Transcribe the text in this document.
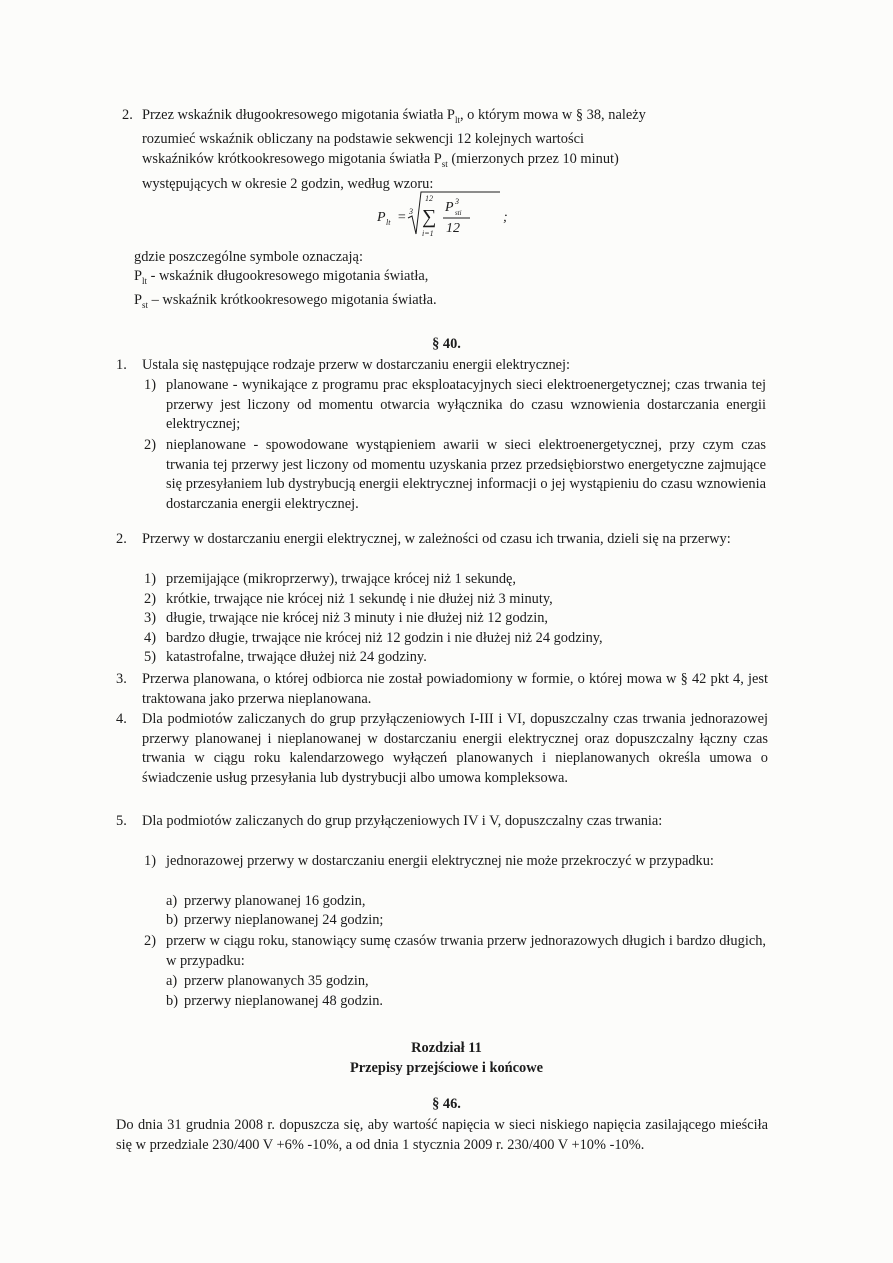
2. Przez wskaźnik długookresowego migotania światła $P_{lt}$, o którym mowa w § 38, należy

rozumieć wskaźnik obliczany na podstawie sekwencji 12 kolejnych wartości

wskaźników krótkookresowego migotania światła $P_{st}$ (mierzonych przez 10 minut)

występujących w okresie 2 godzin, według wzoru:

P lt = 3
12
∑
i=1
P 3
sti
12
;

gdzie poszczególne symbole oznaczają:

$P_{lt}$ - wskaźnik długookresowego migotania światła,

$P_{st}$ – wskaźnik krótkookresowego migotania światła.

§ 40.
1. Ustala się następujące rodzaje przerw w dostarczaniu energii elektrycznej:

1) planowane - wynikające z programu prac eksploatacyjnych sieci elektroenergetycznej; czas trwania tej przerwy jest liczony od momentu otwarcia wyłącznika do czasu wznowienia dostarczania energii elektrycznej;

2) nieplanowane - spowodowane wystąpieniem awarii w sieci elektroenergetycznej, przy czym czas trwania tej przerwy jest liczony od momentu uzyskania przez przedsiębiorstwo energetyczne zajmujące się przesyłaniem lub dystrybucją energii elektrycznej informacji o jej wystąpieniu do czasu wznowienia dostarczania energii elektrycznej.

2. Przerwy w dostarczaniu energii elektrycznej, w zależności od czasu ich trwania, dzieli się na przerwy:

1) przemijające (mikroprzerwy), trwające krócej niż 1 sekundę,

2) krótkie, trwające nie krócej niż 1 sekundę i nie dłużej niż 3 minuty,

3) długie, trwające nie krócej niż 3 minuty i nie dłużej niż 12 godzin,

4) bardzo długie, trwające nie krócej niż 12 godzin i nie dłużej niż 24 godziny,

5) katastrofalne, trwające dłużej niż 24 godziny.

3. Przerwa planowana, o której odbiorca nie został powiadomiony w formie, o której mowa w § 42 pkt 4, jest traktowana jako przerwa nieplanowana.

4. Dla podmiotów zaliczanych do grup przyłączeniowych I-III i VI, dopuszczalny czas trwania jednorazowej przerwy planowanej i nieplanowanej w dostarczaniu energii elektrycznej oraz dopuszczalny łączny czas trwania w ciągu roku kalendarzowego wyłączeń planowanych i nieplanowanych określa umowa o świadczenie usług przesyłania lub dystrybucji albo umowa kompleksowa.

5. Dla podmiotów zaliczanych do grup przyłączeniowych IV i V, dopuszczalny czas trwania:

1) jednorazowej przerwy w dostarczaniu energii elektrycznej nie może przekroczyć w przypadku:

a) przerwy planowanej 16 godzin,

b) przerwy nieplanowanej 24 godzin;

2) przerw w ciągu roku, stanowiący sumę czasów trwania przerw jednorazowych długich i bardzo długich, w przypadku:

a) przerw planowanych 35 godzin,

b) przerwy nieplanowanej 48 godzin.

Rozdział 11
Przepisy przejściowe i końcowe
§ 46.

Do dnia 31 grudnia 2008 r. dopuszcza się, aby wartość napięcia w sieci niskiego napięcia zasilającego mieściła się w przedziale 230/400 V +6% -10%, a od dnia 1 stycznia 2009 r. 230/400 V +10% -10%.
